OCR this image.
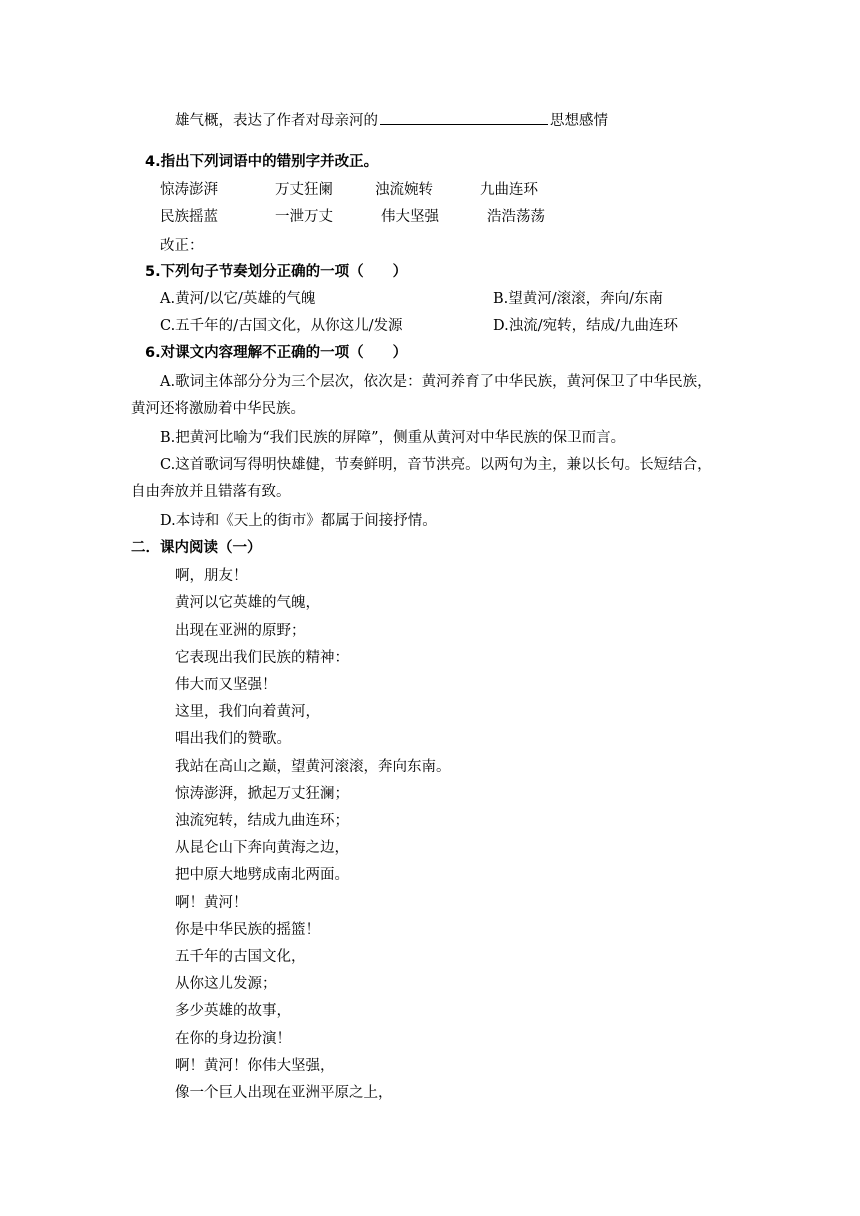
雄气概，表达了作者对母亲河的	思想感情
4.指出下列词语中的错别字并改正。
惊涛澎湃	万丈狂阑	浊流婉转	九曲连环
民族摇蓝	一泄万丈	伟大坚强	浩浩荡荡
改正：
5.下列句子节奏划分正确的一项（　　）
A.黄河/以它/英雄的气魄	B.望黄河/滚滚，奔向/东南
C.五千年的/古国文化，从你这儿/发源	D.浊流/宛转，结成/九曲连环
6.对课文内容理解不正确的一项（　　）
A.歌词主体部分分为三个层次，依次是：黄河养育了中华民族，黄河保卫了中华民族，
黄河还将激励着中华民族。
B.把黄河比喻为“我们民族的屏障”，侧重从黄河对中华民族的保卫而言。
C.这首歌词写得明快雄健，节奏鲜明，音节洪亮。以两句为主，兼以长句。长短结合，
自由奔放并且错落有致。
D.本诗和《天上的街市》都属于间接抒情。
二．课内阅读（一）
啊，朋友！
黄河以它英雄的气魄，
出现在亚洲的原野；
它表现出我们民族的精神：
伟大而又坚强！
这里，我们向着黄河，
唱出我们的赞歌。
我站在高山之巅，望黄河滚滚，奔向东南。
惊涛澎湃，掀起万丈狂澜；
浊流宛转，结成九曲连环；
从昆仑山下奔向黄海之边，
把中原大地劈成南北两面。
啊！黄河！
你是中华民族的摇篮！
五千年的古国文化，
从你这儿发源；
多少英雄的故事，
在你的身边扮演！
啊！黄河！你伟大坚强，
像一个巨人出现在亚洲平原之上，
